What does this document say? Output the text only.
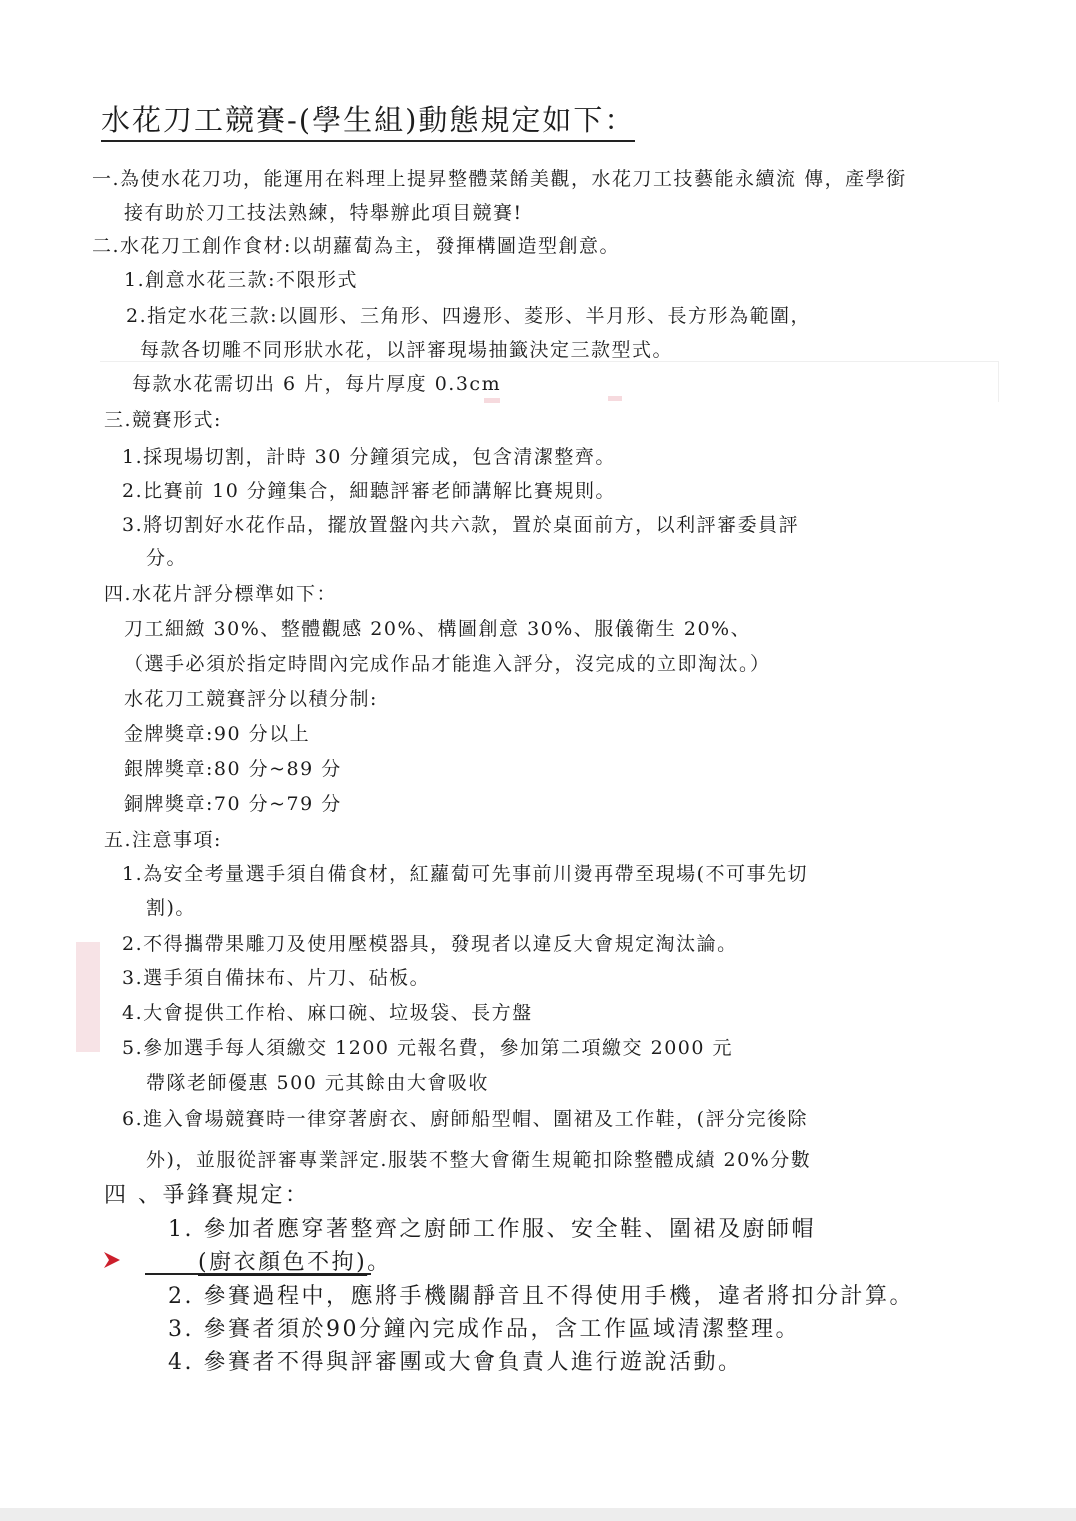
水花刀工競賽-(學生組)動態規定如下：
一.為使水花刀功，能運用在料理上提昇整體菜餚美觀，水花刀工技藝能永續流 傳，產學銜
接有助於刀工技法熟練，特舉辦此項目競賽!
二.水花刀工創作食材:以胡蘿蔔為主，發揮構圖造型創意。
1.創意水花三款:不限形式
2.指定水花三款:以圓形、三角形、四邊形、菱形、半月形、長方形為範圍，
每款各切雕不同形狀水花，以評審現場抽籤決定三款型式。
每款水花需切出 6 片，每片厚度 0.3cm
三.競賽形式:
1.採現場切割，計時 30 分鐘須完成，包含清潔整齊。
2.比賽前 10 分鐘集合，細聽評審老師講解比賽規則。
3.將切割好水花作品，擺放置盤內共六款，置於桌面前方，以利評審委員評
分。
四.水花片評分標準如下：
刀工細緻 30%、整體觀感 20%、構圖創意 30%、服儀衛生 20%、
（選手必須於指定時間內完成作品才能進入評分，沒完成的立即淘汰。）
水花刀工競賽評分以積分制:
金牌獎章:90 分以上
銀牌獎章:80 分~89 分
銅牌獎章:70 分~79 分
五.注意事項:
1.為安全考量選手須自備食材，紅蘿蔔可先事前川燙再帶至現場(不可事先切
割)。
2.不得攜帶果雕刀及使用壓模器具，發現者以違反大會規定淘汰論。
3.選手須自備抹布、片刀、砧板。
4.大會提供工作枱、麻口碗、垃圾袋、長方盤
5.參加選手每人須繳交 1200 元報名費，參加第二項繳交 2000 元
帶隊老師優惠 500 元其餘由大會吸收
6.進入會場競賽時一律穿著廚衣、廚師船型帽、圍裙及工作鞋，(評分完後除
外)，並服從評審專業評定.服裝不整大會衛生規範扣除整體成績 20%分數
四 、爭鋒賽規定：
1. 參加者應穿著整齊之廚師工作服、安全鞋、圍裙及廚師帽
(廚衣顏色不拘)。
2. 參賽過程中，應將手機關靜音且不得使用手機，違者將扣分計算。
3. 參賽者須於90分鐘內完成作品，含工作區域清潔整理。
4. 參賽者不得與評審團或大會負責人進行遊說活動。
